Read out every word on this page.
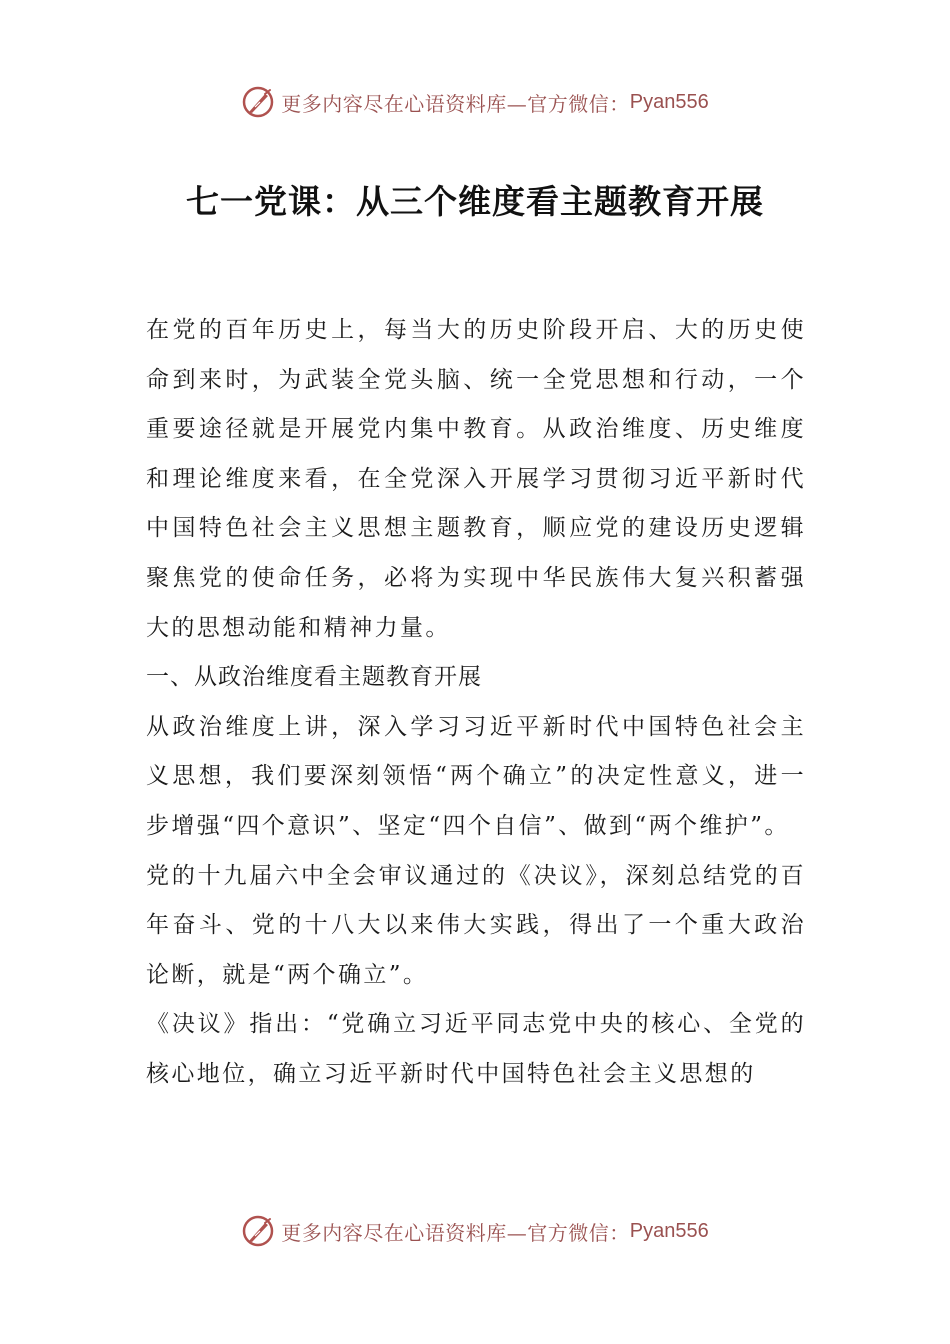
更多内容尽在心语资料库—官方微信： Pyan556
七一党课：从三个维度看主题教育开展

在党的百年历史上，每当大的历史阶段开启、大的历史使命到来时，为武装全党头脑、统一全党思想和行动，一个重要途径就是开展党内集中教育。从政治维度、历史维度和理论维度来看，在全党深入开展学习贯彻习近平新时代中国特色社会主义思想主题教育，顺应党的建设历史逻辑聚焦党的使命任务，必将为实现中华民族伟大复兴积蓄强大的思想动能和精神力量。

一、从政治维度看主题教育开展

从政治维度上讲，深入学习习近平新时代中国特色社会主义思想，我们要深刻领悟“两个确立”的决定性意义，进一步增强“四个意识”、坚定“四个自信”、做到“两个维护”。

党的十九届六中全会审议通过的《决议》，深刻总结党的百年奋斗、党的十八大以来伟大实践，得出了一个重大政治论断，就是“两个确立”。

《决议》指出：“党确立习近平同志党中央的核心、全党的核心地位，确立习近平新时代中国特色社会主义思想的

更多内容尽在心语资料库—官方微信： Pyan556
